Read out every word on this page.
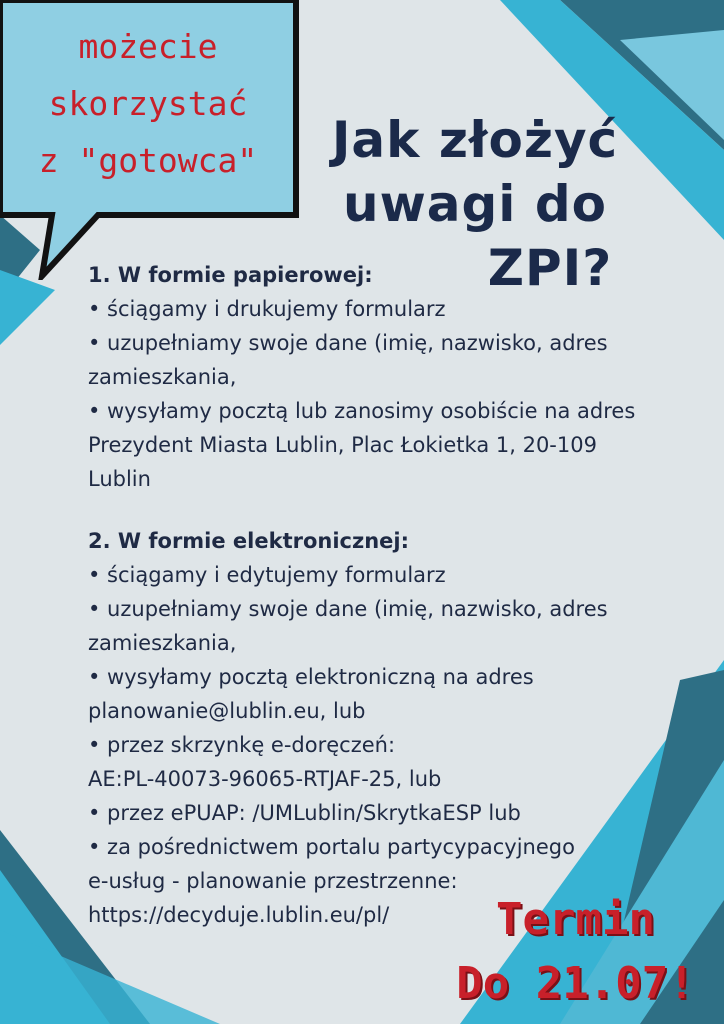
możecie
skorzystać
z "gotowca"	Jak złożyć
uwagi do
ZPI?
1. W formie papierowej:
• ściągamy i drukujemy formularz
• uzupełniamy swoje dane (imię, nazwisko, adres
zamieszkania,
• wysyłamy pocztą lub zanosimy osobiście na adres
Prezydent Miasta Lublin, Plac Łokietka 1, 20-109
Lublin
2. W formie elektronicznej:
• ściągamy i edytujemy formularz
• uzupełniamy swoje dane (imię, nazwisko, adres
zamieszkania,
• wysyłamy pocztą elektroniczną na adres
planowanie@lublin.eu, lub
• przez skrzynkę e-doręczeń:
AE:PL-40073-96065-RTJAF-25, lub
• przez ePUAP: /UMLublin/SkrytkaESP lub
• za pośrednictwem portalu partycypacyjnego
e-usług - planowanie przestrzenne:
https://decyduje.lublin.eu/pl/	Termin
Do 21.07!
